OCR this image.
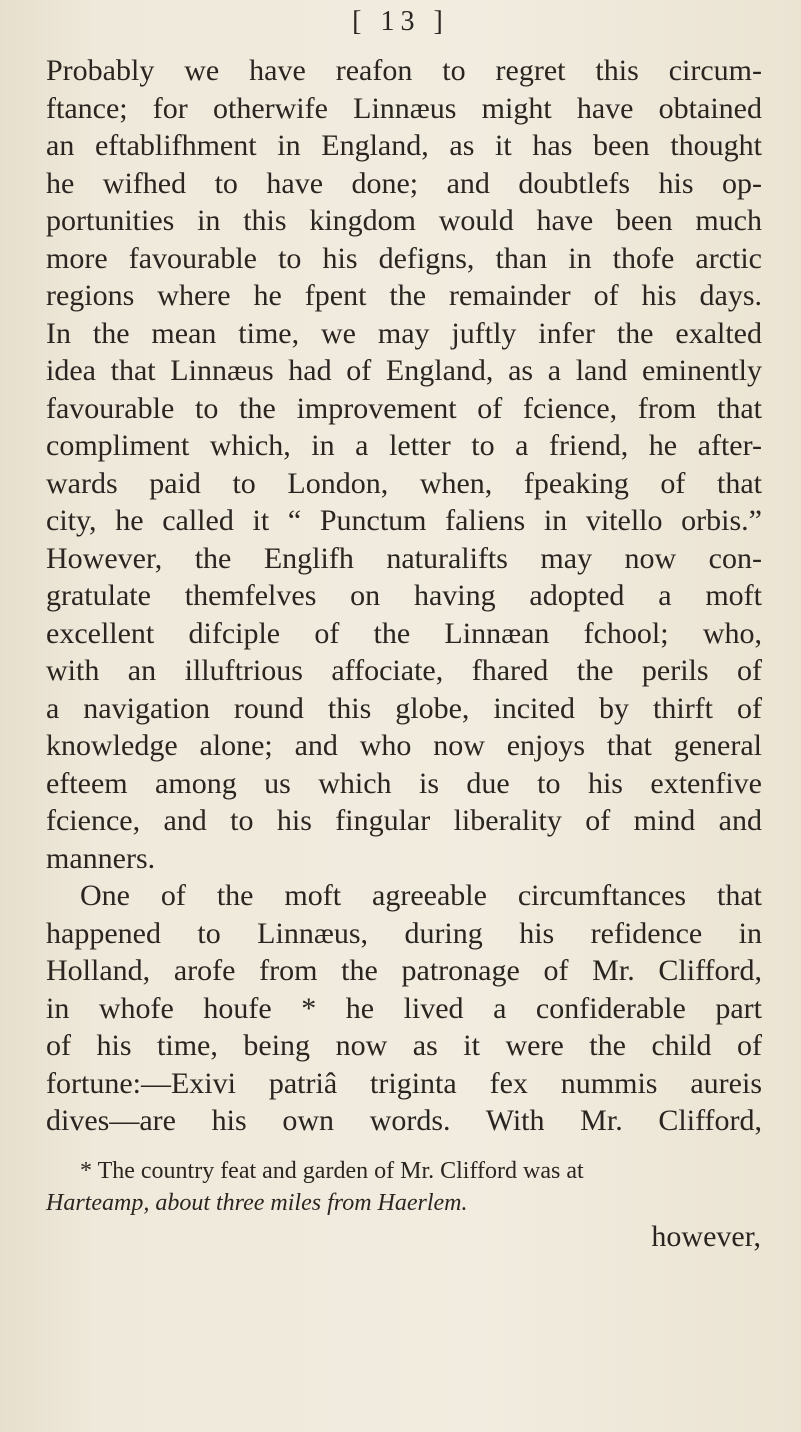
[ 13 ]
Probably we have reafon to regret this circum-
ftance; for otherwife Linnæus might have obtained
an eftablifhment in England, as it has been thought
he wifhed to have done; and doubtlefs his op-
portunities in this kingdom would have been much
more favourable to his defigns, than in thofe arctic
regions where he fpent the remainder of his days.
In the mean time, we may juftly infer the exalted
idea that Linnæus had of England, as a land eminently
favourable to the improvement of fcience, from that
compliment which, in a letter to a friend, he after-
wards paid to London, when, fpeaking of that
city, he called it “ Punctum faliens in vitello orbis.”
However, the Englifh naturalifts may now con-
gratulate themfelves on having adopted a moft
excellent difciple of the Linnæan fchool; who,
with an illuftrious affociate, fhared the perils of
a navigation round this globe, incited by thirft of
knowledge alone; and who now enjoys that general
efteem among us which is due to his extenfive
fcience, and to his fingular liberality of mind and
manners.
One of the moft agreeable circumftances that
happened to Linnæus, during his refidence in
Holland, arofe from the patronage of Mr. Clifford,
in whofe houfe * he lived a confiderable part
of his time, being now as it were the child of
fortune:—Exivi patriâ triginta fex nummis aureis
dives—are his own words. With Mr. Clifford,
* The country feat and garden of Mr. Clifford was at
Harteamp, about three miles from Haerlem.
however,
